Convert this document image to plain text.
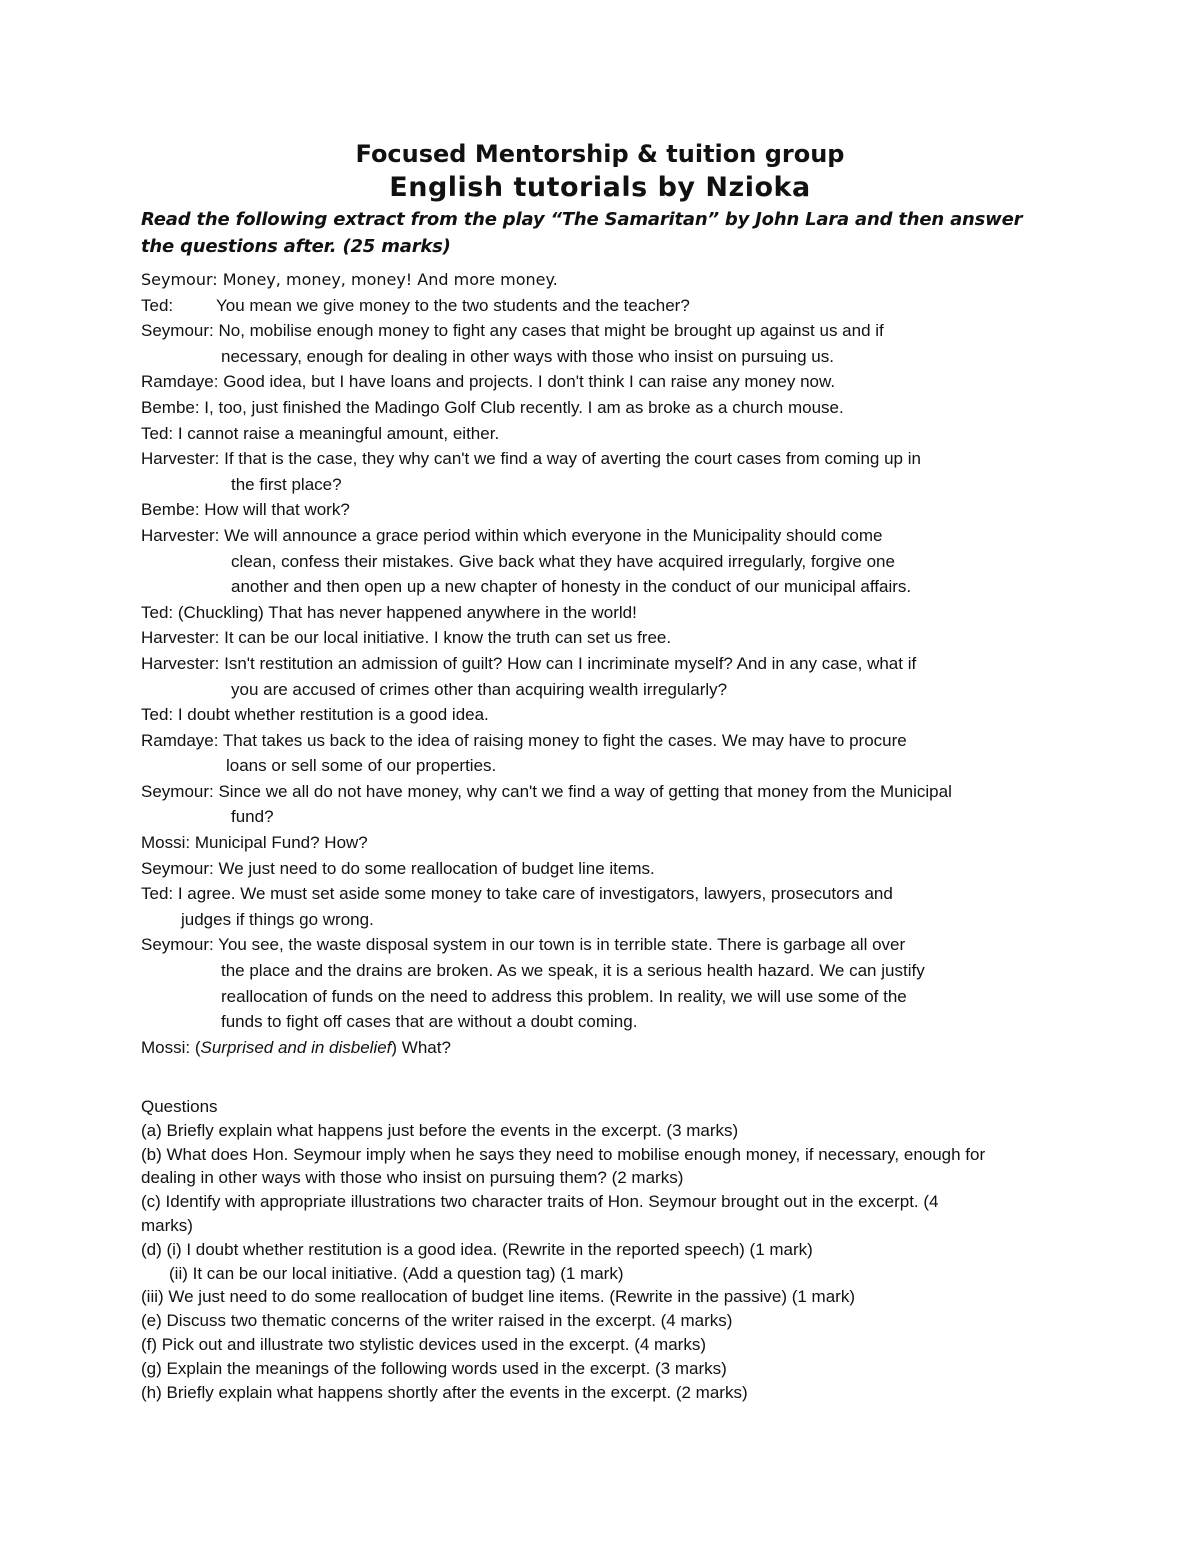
Focused Mentorship & tuition group
English tutorials by Nzioka
Read the following extract from the play “The Samaritan” by John Lara and then answer the questions after. (25 marks)
Seymour: Money, money, money! And more money.
Ted:	You mean we give money to the two students and the teacher?
Seymour: No, mobilise enough money to fight any cases that might be brought up against us and if
necessary, enough for dealing in other ways with those who insist on pursuing us.
Ramdaye: Good idea, but I have loans and projects. I don't think I can raise any money now.
Bembe: I, too, just finished the Madingo Golf Club recently. I am as broke as a church mouse.
Ted: I cannot raise a meaningful amount, either.
Harvester: If that is the case, they why can't we find a way of averting the court cases from coming up in
the first place?
Bembe: How will that work?
Harvester: We will announce a grace period within which everyone in the Municipality should come
clean, confess their mistakes. Give back what they have acquired irregularly, forgive one
another and then open up a new chapter of honesty in the conduct of our municipal affairs.
Ted: (Chuckling) That has never happened anywhere in the world!
Harvester: It can be our local initiative. I know the truth can set us free.
Harvester: Isn't restitution an admission of guilt? How can I incriminate myself? And in any case, what if
you are accused of crimes other than acquiring wealth irregularly?
Ted: I doubt whether restitution is a good idea.
Ramdaye: That takes us back to the idea of raising money to fight the cases. We may have to procure
loans or sell some of our properties.
Seymour: Since we all do not have money, why can't we find a way of getting that money from the Municipal
fund?
Mossi: Municipal Fund? How?
Seymour: We just need to do some reallocation of budget line items.
Ted: I agree. We must set aside some money to take care of investigators, lawyers, prosecutors and
judges if things go wrong.
Seymour: You see, the waste disposal system in our town is in terrible state. There is garbage all over
the place and the drains are broken. As we speak, it is a serious health hazard. We can justify
reallocation of funds on the need to address this problem. In reality, we will use some of the
funds to fight off cases that are without a doubt coming.
Mossi: (Surprised and in disbelief) What?
Questions
(a) Briefly explain what happens just before the events in the excerpt. (3 marks)
(b) What does Hon. Seymour imply when he says they need to mobilise enough money, if necessary, enough for
dealing in other ways with those who insist on pursuing them? (2 marks)
(c) Identify with appropriate illustrations two character traits of Hon. Seymour brought out in the excerpt. (4
marks)
(d) (i) I doubt whether restitution is a good idea. (Rewrite in the reported speech) (1 mark)
(ii) It can be our local initiative. (Add a question tag) (1 mark)
(iii) We just need to do some reallocation of budget line items. (Rewrite in the passive) (1 mark)
(e) Discuss two thematic concerns of the writer raised in the excerpt. (4 marks)
(f) Pick out and illustrate two stylistic devices used in the excerpt. (4 marks)
(g) Explain the meanings of the following words used in the excerpt. (3 marks)
(h) Briefly explain what happens shortly after the events in the excerpt. (2 marks)
